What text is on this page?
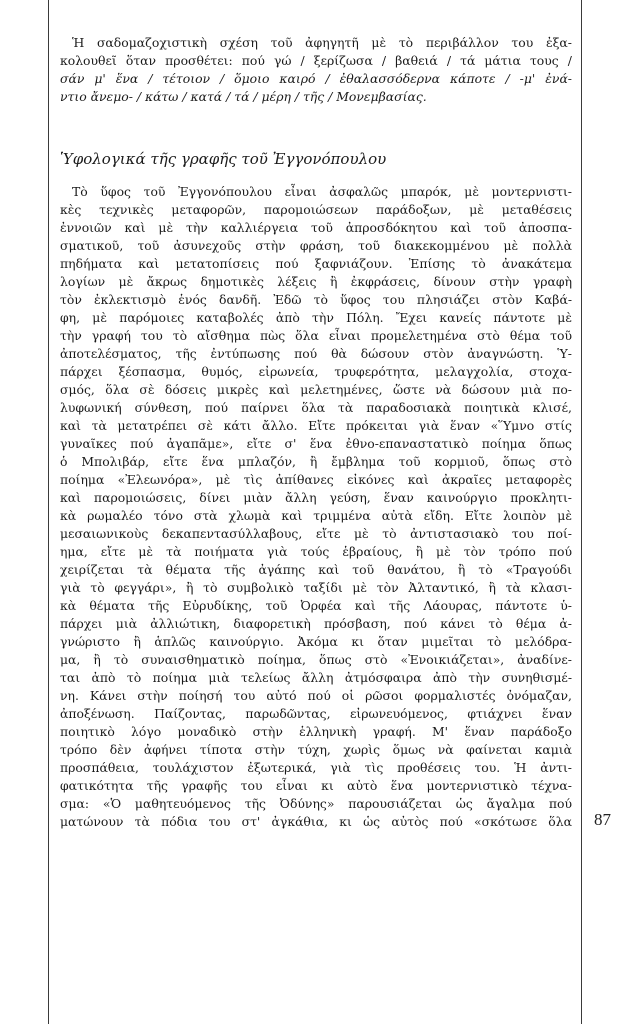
Ἡ σαδομαζοχιστικὴ σχέση τοῦ ἀφηγητῆ μὲ τὸ περιβάλλον του ἐξα-
κολουθεῖ ὅταν προσθέτει: πού γώ / ξερίζωσα / βαθειά / τά μάτια τους /
σάν μ' ἕνα / τέτοιον / ὅμοιο καιρό / ἐθαλασσόδερνα κάποτε / -μ' ἐνά-
ντιο ἄνεμο- / κάτω / κατά / τά / μέρη / τῆς / Μονεμβασίας.
Ὑφολογικά τῆς γραφῆς τοῦ Ἐγγονόπουλου
Τὸ ὕφος τοῦ Ἐγγονόπουλου εἶναι ἀσφαλῶς μπαρόκ, μὲ μοντερνιστι-
κὲς τεχνικὲς μεταφορῶν, παρομοιώσεων παράδοξων, μὲ μεταθέσεις
ἐννοιῶν καὶ μὲ τὴν καλλιέργεια τοῦ ἀπροσδόκητου καὶ τοῦ ἀποσπα-
σματικοῦ, τοῦ ἀσυνεχοῦς στὴν φράση, τοῦ διακεκομμένου μὲ πολλὰ
πηδήματα καὶ μετατοπίσεις πού ξαφνιάζουν. Ἐπίσης τὸ ἀνακάτεμα
λογίων μὲ ἄκρως δημοτικὲς λέξεις ἢ ἐκφράσεις, δίνουν στὴν γραφὴ
τὸν ἐκλεκτισμὸ ἑνός δανδῆ. Ἐδῶ τὸ ὕφος του πλησιάζει στὸν Καβά-
φη, μὲ παρόμοιες καταβολές ἀπὸ τὴν Πόλη. Ἔχει κανείς πάντοτε μὲ
τὴν γραφή του τὸ αἴσθημα πὼς ὅλα εἶναι προμελετημένα στὸ θέμα τοῦ
ἀποτελέσματος, τῆς ἐντύπωσης πού θὰ δώσουν στὸν ἀναγνώστη. Ὑ-
πάρχει ξέσπασμα, θυμός, εἰρωνεία, τρυφερότητα, μελαγχολία, στοχα-
σμός, ὅλα σὲ δόσεις μικρὲς καὶ μελετημένες, ὥστε νὰ δώσουν μιὰ πο-
λυφωνική σύνθεση, πού παίρνει ὅλα τὰ παραδοσιακὰ ποιητικὰ κλισέ,
καὶ τὰ μετατρέπει σὲ κάτι ἄλλο. Εἴτε πρόκειται γιὰ ἕναν «Ὕμνο στίς
γυναῖκες πού ἀγαπᾶμε», εἴτε σ' ἕνα ἐθνο-επαναστατικὸ ποίημα ὅπως
ὁ Μπολιβάρ, εἴτε ἕνα μπλαζόν, ἢ ἔμβλημα τοῦ κορμιοῦ, ὅπως στὸ
ποίημα «Ἐλεωνόρα», μὲ τὶς ἀπίθανες εἰκόνες καὶ ἀκραῖες μεταφορὲς
καὶ παρομοιώσεις, δίνει μιὰν ἄλλη γεύση, ἕναν καινούργιο προκλητι-
κὰ ρωμαλέο τόνο στὰ χλωμὰ καὶ τριμμένα αὐτὰ εἴδη. Εἴτε λοιπὸν μὲ
μεσαιωνικοὺς δεκαπεντασύλλαβους, εἴτε μὲ τὸ ἀντιστασιακὸ του ποί-
ημα, εἴτε μὲ τὰ ποιήματα γιὰ τούς ἑβραίους, ἢ μὲ τὸν τρόπο πού
χειρίζεται τὰ θέματα τῆς ἀγάπης καὶ τοῦ θανάτου, ἢ τὸ «Τραγούδι
γιὰ τὸ φεγγάρι», ἢ τὸ συμβολικὸ ταξίδι μὲ τὸν Ἀλταντικό, ἢ τὰ κλασι-
κὰ θέματα τῆς Εὐρυδίκης, τοῦ Ὀρφέα καὶ τῆς Λάουρας, πάντοτε ὑ-
πάρχει μιὰ ἀλλιώτικη, διαφορετικὴ πρόσβαση, πού κάνει τὸ θέμα ἀ-
γνώριστο ἢ ἁπλῶς καινούργιο. Ἀκόμα κι ὅταν μιμεῖται τὸ μελόδρα-
μα, ἢ τὸ συναισθηματικὸ ποίημα, ὅπως στὸ «Ἐνοικιάζεται», ἀναδίνε-
ται ἀπὸ τὸ ποίημα μιὰ τελείως ἄλλη ἀτμόσφαιρα ἀπὸ τὴν συνηθισμέ-
νη. Κάνει στὴν ποίησή του αὐτό πού οἱ ρῶσοι φορμαλιστές ὀνόμαζαν,
ἀποξένωση. Παίζοντας, παρωδῶντας, εἰρωνευόμενος, φτιάχνει ἕναν
ποιητικὸ λόγο μοναδικὸ στὴν ἑλληνικὴ γραφή. Μ' ἕναν παράδοξο
τρόπο δὲν ἀφήνει τίποτα στὴν τύχη, χωρὶς ὅμως νὰ φαίνεται καμιὰ
προσπάθεια, τουλάχιστον ἐξωτερικά, γιὰ τὶς προθέσεις του. Ἡ ἀντι-
φατικότητα τῆς γραφῆς του εἶναι κι αὐτὸ ἕνα μοντερνιστικὸ τέχνα-
σμα: «Ὁ μαθητευόμενος τῆς Ὀδύνης» παρουσιάζεται ὡς ἄγαλμα πού
ματώνουν τὰ πόδια του στ' ἀγκάθια, κι ὡς αὐτὸς πού «σκότωσε ὅλα 87
